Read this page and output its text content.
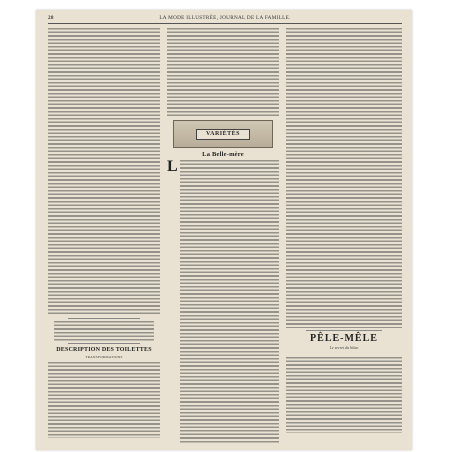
28	LA MODE ILLUSTRÉE, JOURNAL DE LA FAMILLE.
DESCRIPTION DES TOILETTES
TRANSFORMATIONS
VARIÉTÉS
La Belle-mère
L
PÊLE-MÊLE
Le secret du bilan
